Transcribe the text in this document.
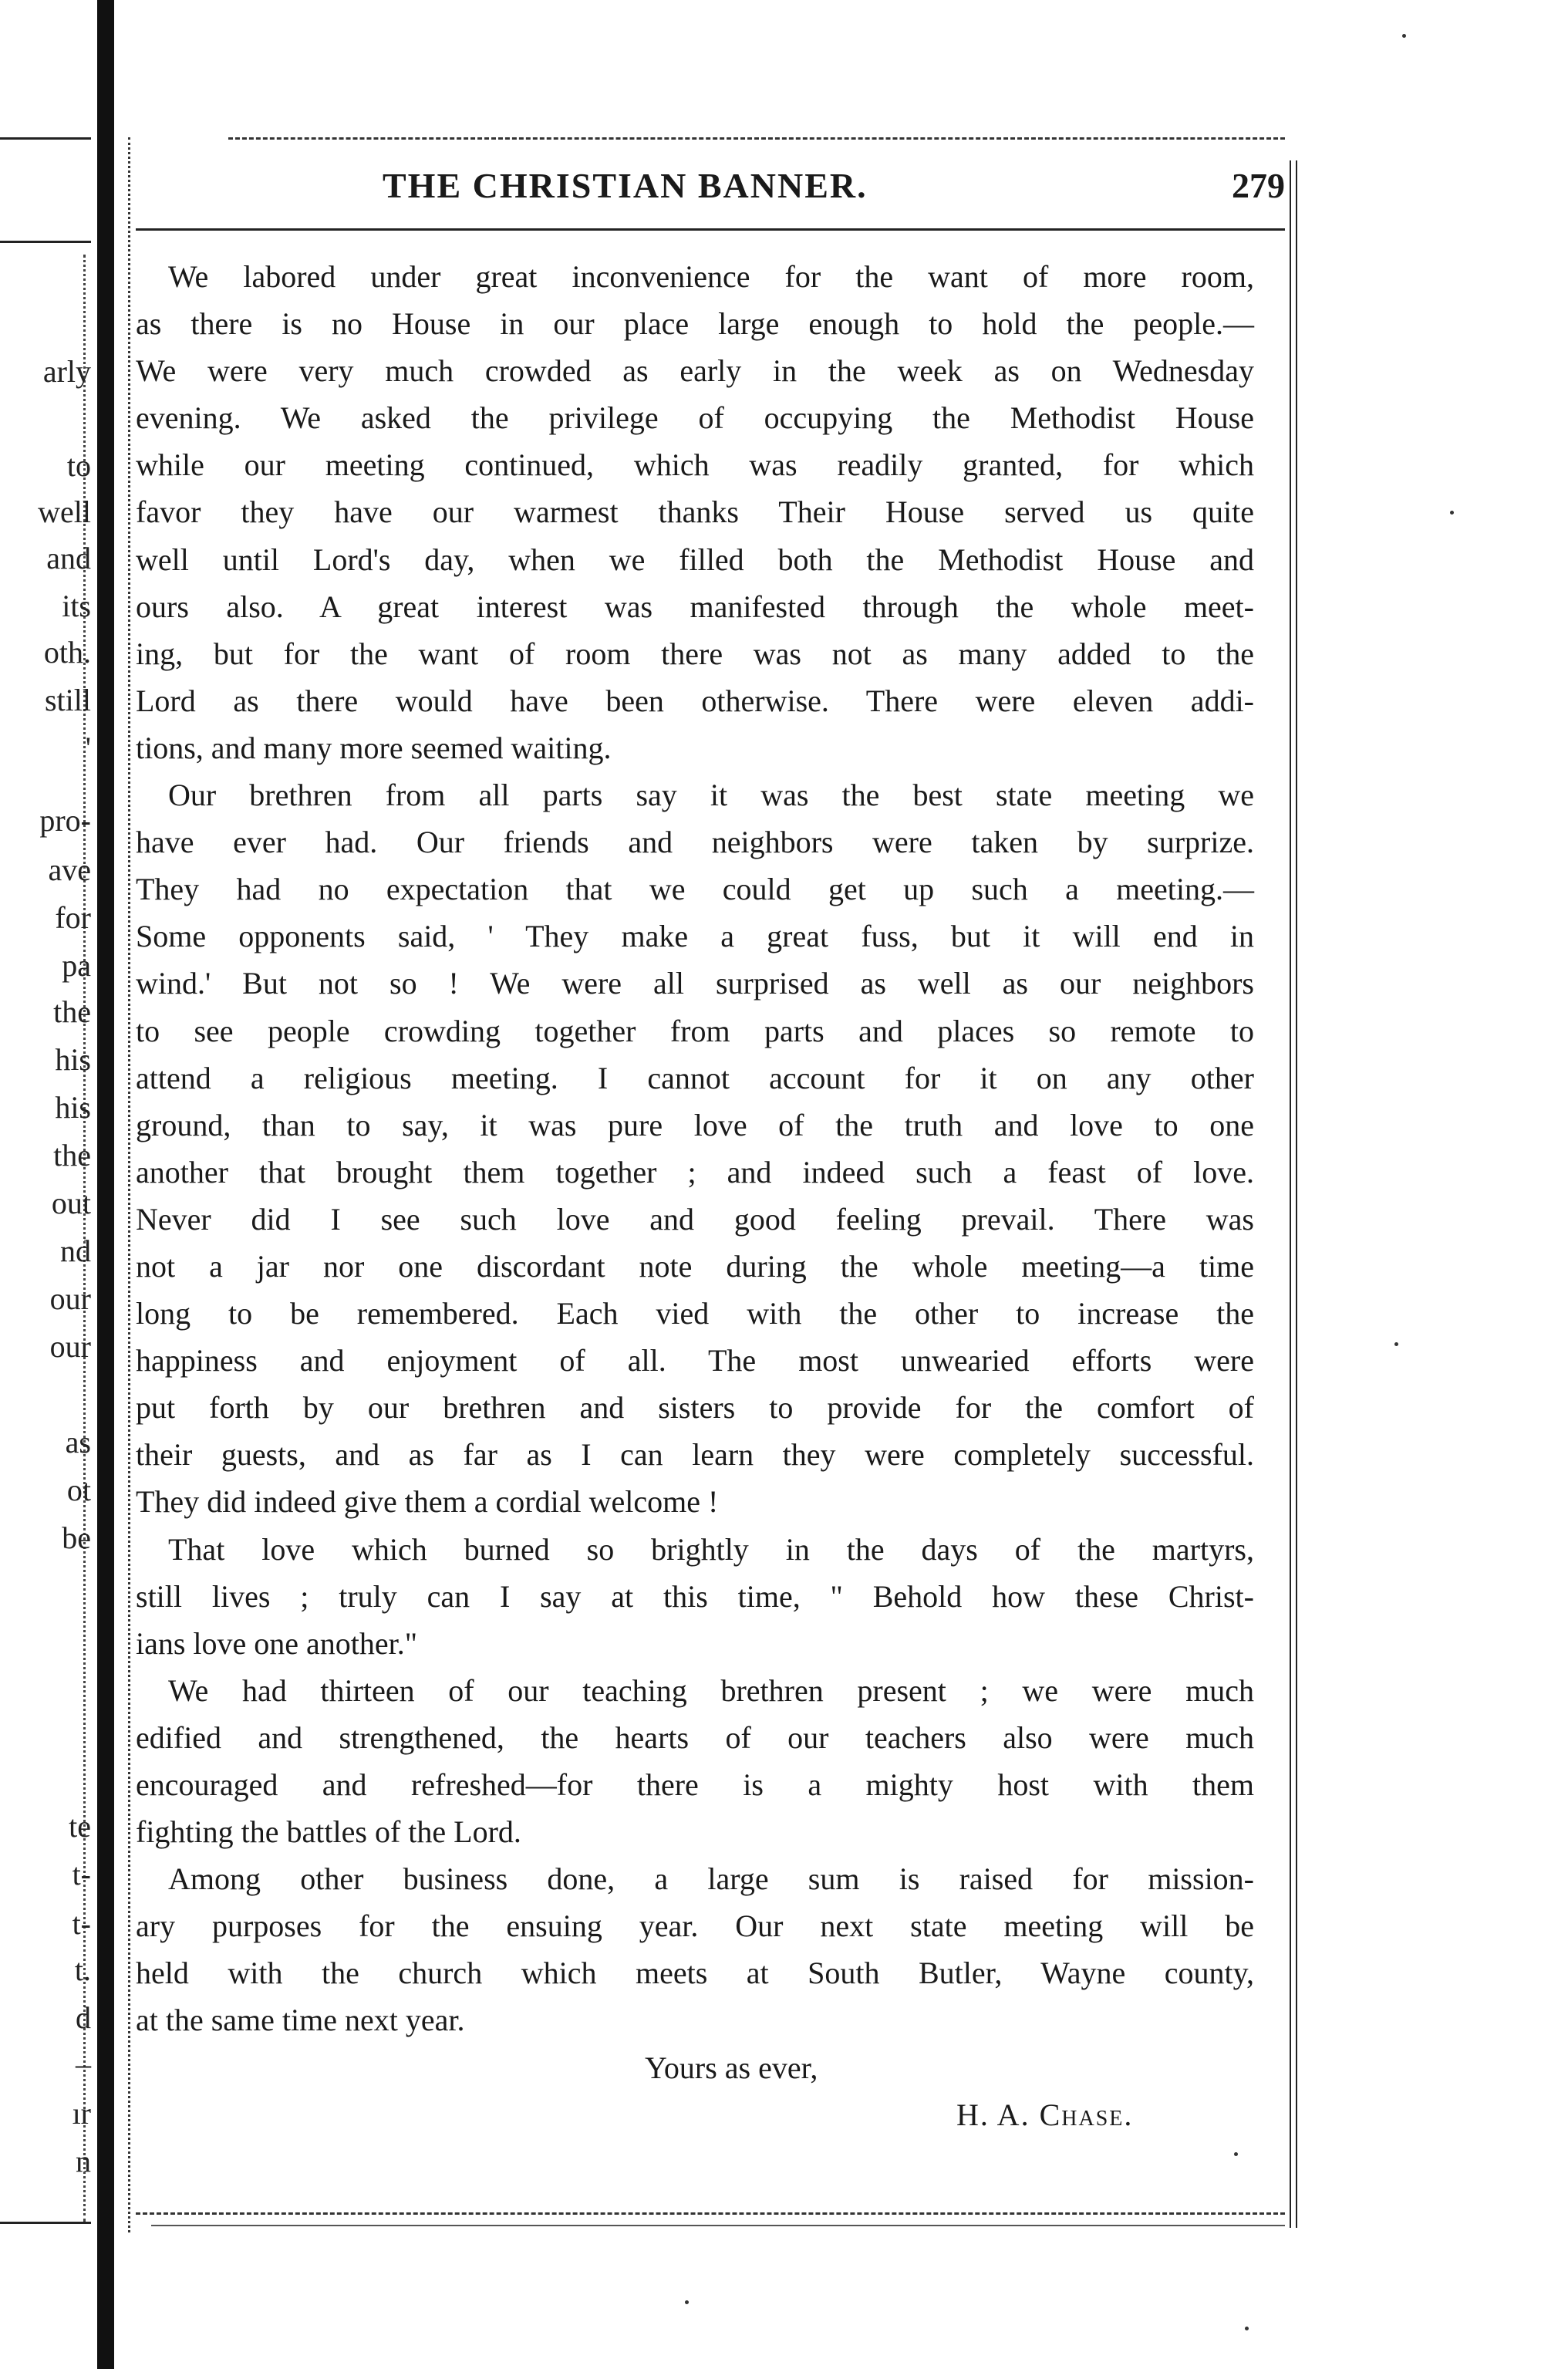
arly
to
well
and
its
oth.
still
'
pro-
ave
for
pa
the
his
his
the
out
nd
our
our
as
ot
be
te
t-
t-
t.
d
–
ır
n
THE CHRISTIAN BANNER.	279
We labored under great inconvenience for the want of more room,
as there is no House in our place large enough to hold the people.—
We were very much crowded as early in the week as on Wednesday
evening. We asked the privilege of occupying the Methodist House
while our meeting continued, which was readily granted, for which
favor they have our warmest thanks Their House served us quite
well until Lord's day, when we filled both the Methodist House and
ours also. A great interest was manifested through the whole meet-
ing, but for the want of room there was not as many added to the
Lord as there would have been otherwise. There were eleven addi-
tions, and many more seemed waiting.
Our brethren from all parts say it was the best state meeting we
have ever had. Our friends and neighbors were taken by surprize.
They had no expectation that we could get up such a meeting.—
Some opponents said, ' They make a great fuss, but it will end in
wind.' But not so ! We were all surprised as well as our neighbors
to see people crowding together from parts and places so remote to
attend a religious meeting. I cannot account for it on any other
ground, than to say, it was pure love of the truth and love to one
another that brought them together ; and indeed such a feast of love.
Never did I see such love and good feeling prevail. There was
not a jar nor one discordant note during the whole meeting—a time
long to be remembered. Each vied with the other to increase the
happiness and enjoyment of all. The most unwearied efforts were
put forth by our brethren and sisters to provide for the comfort of
their guests, and as far as I can learn they were completely successful.
They did indeed give them a cordial welcome !
That love which burned so brightly in the days of the martyrs,
still lives ; truly can I say at this time, " Behold how these Christ-
ians love one another."
We had thirteen of our teaching brethren present ; we were much
edified and strengthened, the hearts of our teachers also were much
encouraged and refreshed—for there is a mighty host with them
fighting the battles of the Lord.
Among other business done, a large sum is raised for mission-
ary purposes for the ensuing year. Our next state meeting will be
held with the church which meets at South Butler, Wayne county,
at the same time next year.
Yours as ever,
H. A. Chase.
